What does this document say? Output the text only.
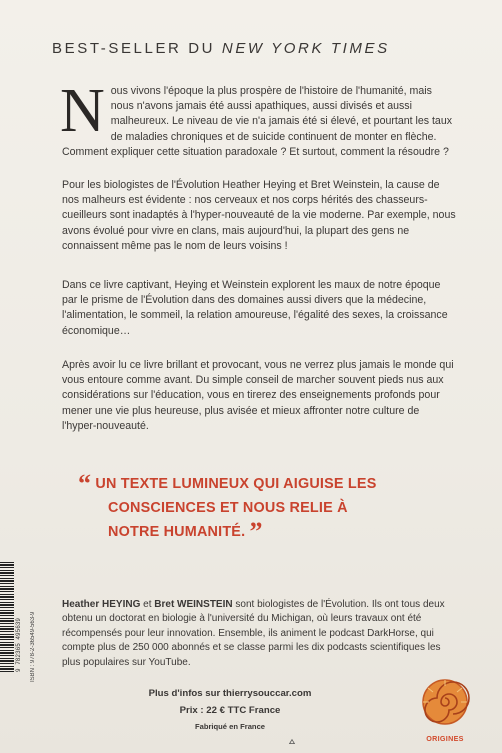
BEST-SELLER DU NEW YORK TIMES
Nous vivons l'époque la plus prospère de l'histoire de l'humanité, mais nous n'avons jamais été aussi apathiques, aussi divisés et aussi malheureux. Le niveau de vie n'a jamais été si élevé, et pourtant les taux de maladies chroniques et de suicide continuent de monter en flèche. Comment expliquer cette situation paradoxale ? Et surtout, comment la résoudre ?
Pour les biologistes de l'Évolution Heather Heying et Bret Weinstein, la cause de nos malheurs est évidente : nos cerveaux et nos corps hérités des chasseurs-cueilleurs sont inadaptés à l'hyper-nouveauté de la vie moderne. Par exemple, nous avons évolué pour vivre en clans, mais aujourd'hui, la plupart des gens ne connaissent même pas le nom de leurs voisins !
Dans ce livre captivant, Heying et Weinstein explorent les maux de notre époque par le prisme de l'Évolution dans des domaines aussi divers que la médecine, l'alimentation, le sommeil, la relation amoureuse, l'égalité des sexes, la croissance économique…
Après avoir lu ce livre brillant et provocant, vous ne verrez plus jamais le monde qui vous entoure comme avant. Du simple conseil de marcher souvent pieds nus aux considérations sur l'éducation, vous en tirerez des enseignements profonds pour mener une vie plus heureuse, plus avisée et mieux affronter notre culture de l'hyper-nouveauté.
“ UN TEXTE LUMINEUX QUI AIGUISE LES
CONSCIENCES ET NOUS RELIE À
NOTRE HUMANITÉ. ”
Heather HEYING et Bret WEINSTEIN sont biologistes de l'Évolution. Ils ont tous deux obtenu un doctorat en biologie à l'université du Michigan, où leurs travaux ont été récompensés pour leur innovation. Ensemble, ils animent le podcast DarkHorse, qui compte plus de 250 000 abonnés et se classe parmi les dix podcasts scientifiques les plus populaires sur YouTube.
9 782365 495639 ISBN : 978-2-36549-563-9
Plus d'infos sur thierrysouccar.com
Prix : 22 € TTC France
Fabriqué en France
ORIGINES
